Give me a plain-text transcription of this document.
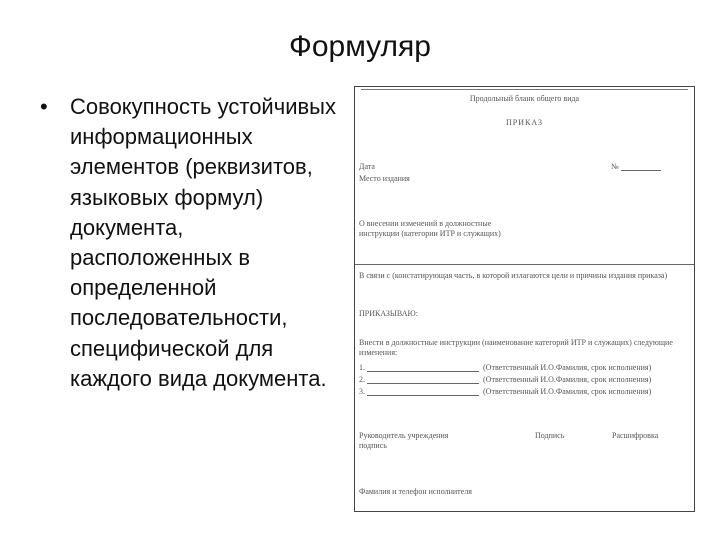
Формуляр
•	Совокупность устойчивых информационных элементов (реквизитов, языковых формул) документа, расположенных в определенной последовательности, специфической для каждого вида документа.
Продольный бланк общего вида
ПРИКАЗ
Дата	№
Место издания
О внесении изменений в должностные инструкции (категории ИТР и служащих)
В связи с (констатирующая часть, в которой излагаются цели и причины издания приказа)
ПРИКАЗЫВАЮ:
Внести в должностные инструкции (наименование категорий ИТР и служащих) следующие изменения:
1.	(Ответственный И.О.Фамилия, срок исполнения)
2.	(Ответственный И.О.Фамилия, срок исполнения)
3.	(Ответственный И.О.Фамилия, срок исполнения)
Руководитель учреждения подпись
Подпись	Расшифровка
Фамилия и телефон исполнителя
